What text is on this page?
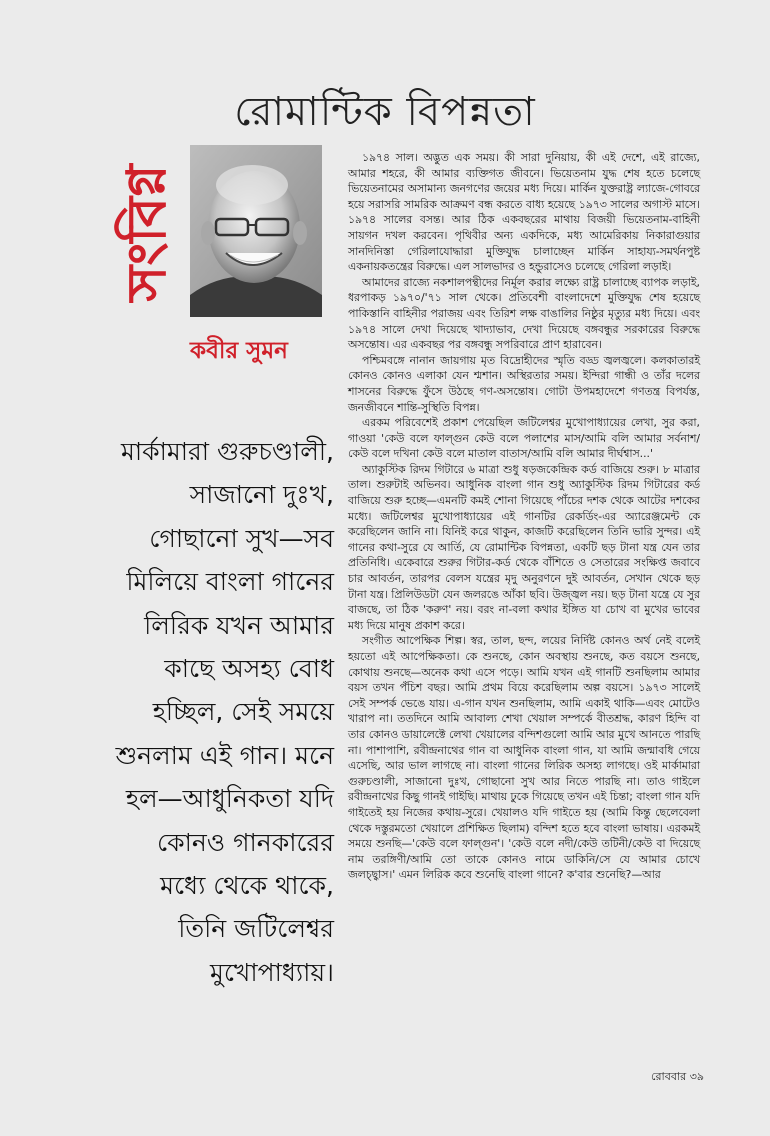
রোমান্টিক বিপন্নতা
সংবিগ্ন
কবীর সুমন
মার্কামারা গুরুচণ্ডালী,
সাজানো দুঃখ,
গোছানো সুখ—সব
মিলিয়ে বাংলা গানের
লিরিক যখন আমার
কাছে অসহ্য বোধ
হচ্ছিল, সেই সময়ে
শুনলাম এই গান। মনে
হল—আধুনিকতা যদি
কোনও গানকারের
মধ্যে থেকে থাকে,
তিনি জটিলেশ্বর
মুখোপাধ্যায়।

১৯৭৪ সাল। অদ্ভুত এক সময়। কী সারা দুনিয়ায়, কী এই দেশে, এই রাজ্যে, আমার শহরে, কী আমার ব্যক্তিগত জীবনে। ভিয়েতনাম যুদ্ধ শেষ হতে চলেছে ভিয়েতনামের অসামান্য জনগণের জয়ের মধ্য দিয়ে। মার্কিন যুক্তরাষ্ট্র ল্যাজে-গোবরে হয়ে সরাসরি সামরিক আক্রমণ বন্ধ করতে বাধ্য হয়েছে ১৯৭৩ সালের অগাস্ট মাসে। ১৯৭৪ সালের বসন্ত। আর ঠিক একবছরের মাথায় বিজয়ী ভিয়েতনাম-বাহিনী সায়গন দখল করবেন। পৃথিবীর অন্য একদিকে, মধ্য আমেরিকায় নিকারাগুয়ার সানদিনিস্তা গেরিলাযোদ্ধারা মুক্তিযুদ্ধ চালাচ্ছেন মার্কিন সাহায্য-সমর্থনপুষ্ট একনায়কতন্ত্রের বিরুদ্ধে। এল সালভাদর ও হন্ডুরাসেও চলেছে গেরিলা লড়াই।

আমাদের রাজ্যে নকশালপন্থীদের নির্মূল করার লক্ষ্যে রাষ্ট্র চালাচ্ছে ব্যাপক লড়াই, ধরপাকড় ১৯৭০/'৭১ সাল থেকে। প্রতিবেশী বাংলাদেশে মুক্তিযুদ্ধ শেষ হয়েছে পাকিস্তানি বাহিনীর পরাজয় এবং তিরিশ লক্ষ বাঙালির নিষ্ঠুর মৃত্যুর মধ্য দিয়ে। এবং ১৯৭৪ সালে দেখা দিয়েছে খাদ্যাভাব, দেখা দিয়েছে বঙ্গবন্ধুর সরকারের বিরুদ্ধে অসন্তোষ। এর একবছর পর বঙ্গবন্ধু সপরিবারে প্রাণ হারাবেন।

পশ্চিমবঙ্গে নানান জায়গায় মৃত বিদ্রোহীদের স্মৃতি বড্ড জ্বলজ্বলে। কলকাতারই কোনও কোনও এলাকা যেন শ্মশান। অস্থিরতার সময়। ইন্দিরা গান্ধী ও তাঁর দলের শাসনের বিরুদ্ধে ফুঁসে উঠছে গণ-অসন্তোষ। গোটা উপমহাদেশে গণতন্ত্র বিপর্যস্ত, জনজীবনে শান্তি-সুস্থিতি বিপন্ন।

এরকম পরিবেশেই প্রকাশ পেয়েছিল জটিলেশ্বর মুখোপাধ্যায়ের লেখা, সুর করা, গাওয়া 'কেউ বলে ফাল্গুন কেউ বলে পলাশের মাস/আমি বলি আমার সর্বনাশ/কেউ বলে দখিনা কেউ বলে মাতাল বাতাস/আমি বলি আমার দীর্ঘশ্বাস...'

অ্যাকুস্টিক রিদম গিটারে ৬ মাত্রা শুধু ষড়জকেন্দ্রিক কর্ড বাজিয়ে শুরু। ৮ মাত্রার তাল। শুরুটাই অভিনব। আধুনিক বাংলা গান শুধু অ্যাকুস্টিক রিদম গিটারের কর্ড বাজিয়ে শুরু হচ্ছে—এমনটি কমই শোনা গিয়েছে পাঁচের দশক থেকে আটের দশকের মধ্যে। জটিলেশ্বর মুখোপাধ্যায়ের এই গানটির রেকর্ডিং-এর অ্যারেঞ্জমেন্ট কে করেছিলেন জানি না। যিনিই করে থাকুন, কাজটি করেছিলেন তিনি ভারি সুন্দর। এই গানের কথা-সুরে যে আর্তি, যে রোমান্টিক বিপন্নতা, একটি ছড় টানা যন্ত্র যেন তার প্রতিনিধি। একেবারে শুরুর গিটার-কর্ড থেকে বাঁশিতে ও সেতারের সংক্ষিপ্ত জবাবে চার আবর্তন, তারপর বেলস যন্ত্রের মৃদু অনুরণনে দুই আবর্তন, সেখান থেকে ছড় টানা যন্ত্র। প্রিলিউডটা যেন জলরঙে আঁকা ছবি। উজ্জ্বল নয়। ছড় টানা যন্ত্রে যে সুর বাজছে, তা ঠিক 'করুণ' নয়। বরং না-বলা কথার ইঙ্গিত যা চোখ বা মুখের ভাবের মধ্য দিয়ে মানুষ প্রকাশ করে।

সংগীত আপেক্ষিক শিল্প। স্বর, তাল, ছন্দ, লয়ের নির্দিষ্ট কোনও অর্থ নেই বলেই হয়তো এই আপেক্ষিকতা। কে শুনছে, কোন অবস্থায় শুনছে, কত বয়সে শুনছে, কোথায় শুনছে—অনেক কথা এসে পড়ে। আমি যখন এই গানটি শুনছিলাম আমার বয়স তখন পঁচিশ বছর। আমি প্রথম বিয়ে করেছিলাম অল্প বয়সে। ১৯৭৩ সালেই সেই সম্পর্ক ভেঙে যায়। এ-গান যখন শুনছিলাম, আমি একাই থাকি—এবং মোটেও খারাপ না। ততদিনে আমি আবাল্য শেখা খেয়াল সম্পর্কে বীতশ্রদ্ধ, কারণ হিন্দি বা তার কোনও ডায়ালেক্টে লেখা খেয়ালের বন্দিশগুলো আমি আর মুখে আনতে পারছি না। পাশাপাশি, রবীন্দ্রনাথের গান বা আধুনিক বাংলা গান, যা আমি জন্মাবধি গেয়ে এসেছি, আর ভাল লাগছে না। বাংলা গানের লিরিক অসহ্য লাগছে। ওই মার্কামারা গুরুচণ্ডালী, সাজানো দুঃখ, গোছানো সুখ আর নিতে পারছি না। তাও গাইলে রবীন্দ্রনাথের কিছু গানই গাইছি। মাথায় ঢুকে গিয়েছে তখন এই চিন্তা; বাংলা গান যদি গাইতেই হয় নিজের কথায়-সুরে। খেয়ালও যদি গাইতে হয় (আমি কিন্তু ছেলেবেলা থেকে দস্তুরমতো খেয়ালে প্রশিক্ষিত ছিলাম) বন্দিশ হতে হবে বাংলা ভাষায়। এরকমই সময়ে শুনছি—'কেউ বলে ফাল্গুন'। 'কেউ বলে নদী/কেউ তটিনী/কেউ বা দিয়েছে নাম তরঙ্গিণী/আমি তো তাকে কোনও নামে ডাকিনি/সে যে আমার চোখে জলচ্ছ্বাস।' এমন লিরিক কবে শুনেছি বাংলা গানে? ক'বার শুনেছি?—আর

রোববার ৩৯
